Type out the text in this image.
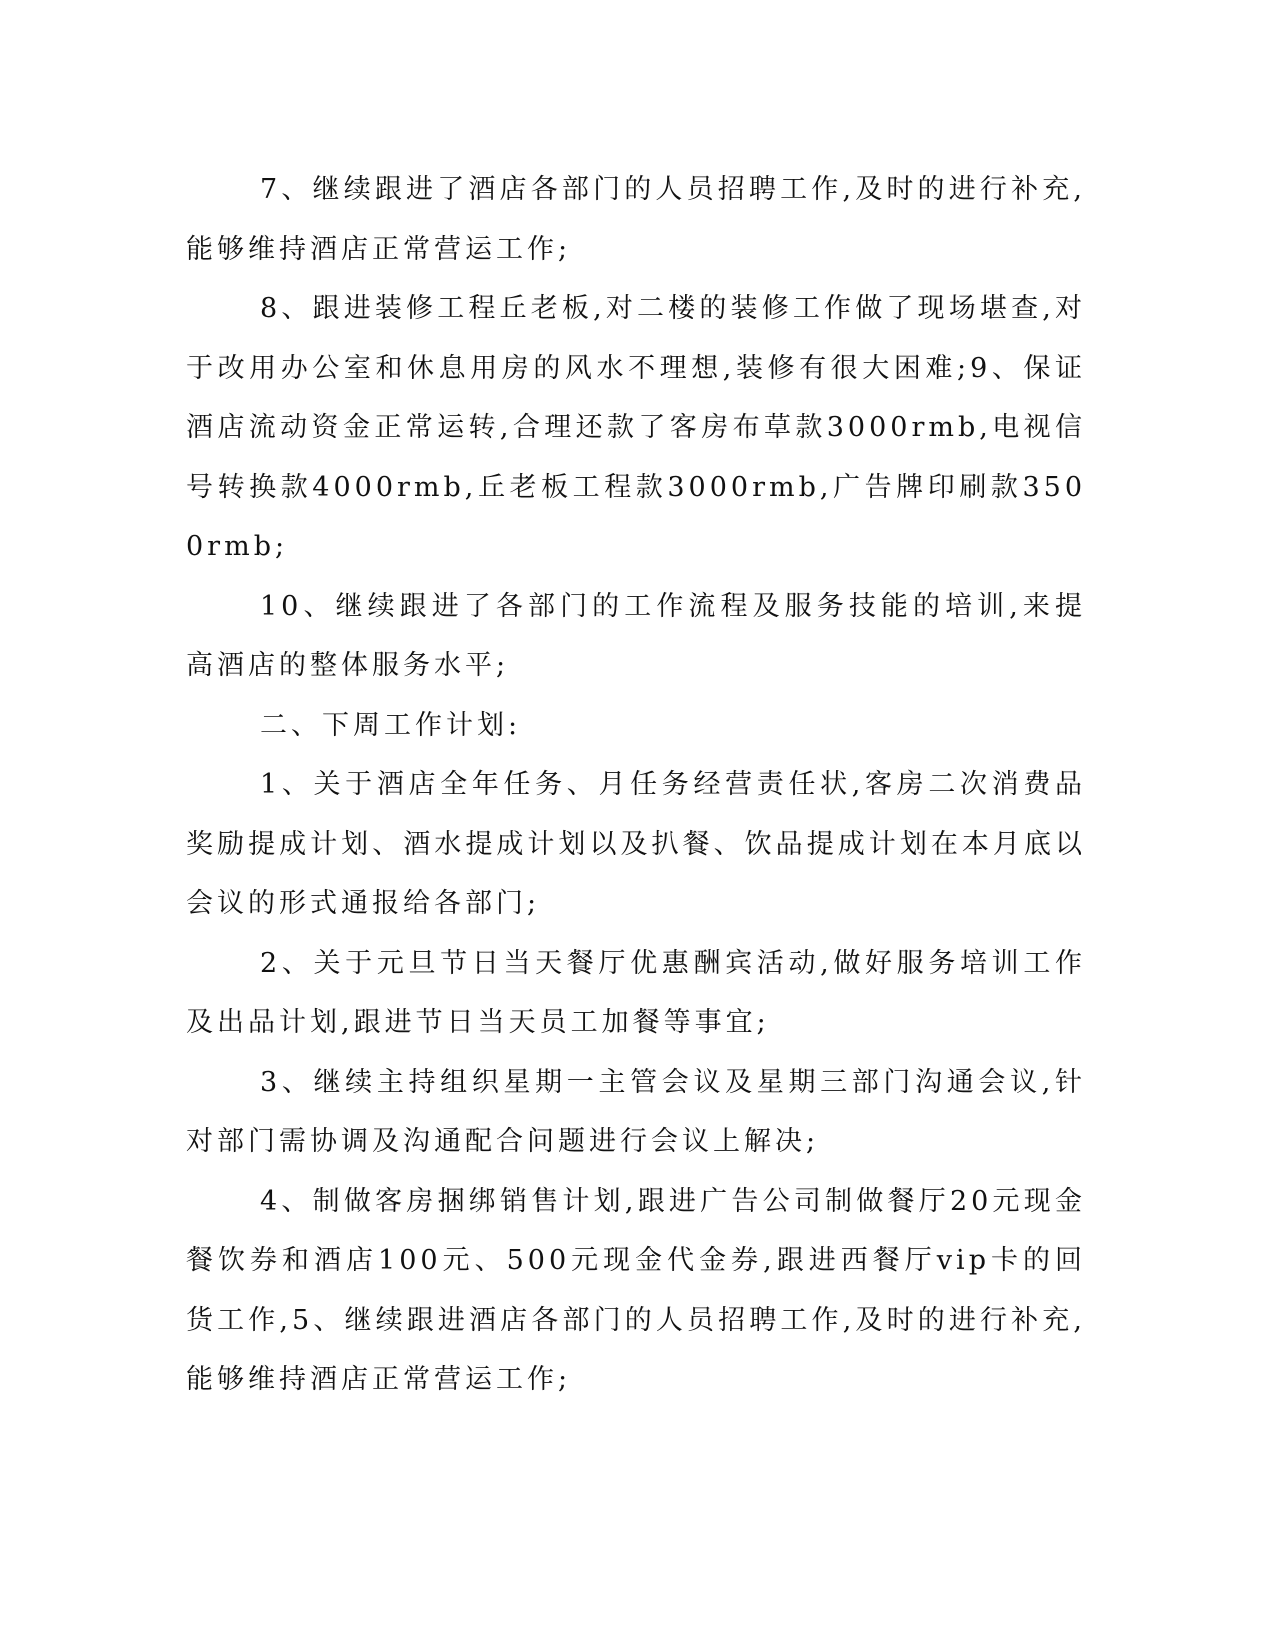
7、继续跟进了酒店各部门的人员招聘工作,及时的进行补充,能够维持酒店正常营运工作;

8、跟进装修工程丘老板,对二楼的装修工作做了现场堪查,对于改用办公室和休息用房的风水不理想,装修有很大困难;9、保证酒店流动资金正常运转,合理还款了客房布草款3000rmb,电视信号转换款4000rmb,丘老板工程款3000rmb,广告牌印刷款3500rmb;

10、继续跟进了各部门的工作流程及服务技能的培训,来提高酒店的整体服务水平;

二、下周工作计划:

1、关于酒店全年任务、月任务经营责任状,客房二次消费品奖励提成计划、酒水提成计划以及扒餐、饮品提成计划在本月底以会议的形式通报给各部门;

2、关于元旦节日当天餐厅优惠酬宾活动,做好服务培训工作及出品计划,跟进节日当天员工加餐等事宜;

3、继续主持组织星期一主管会议及星期三部门沟通会议,针对部门需协调及沟通配合问题进行会议上解决;

4、制做客房捆绑销售计划,跟进广告公司制做餐厅20元现金餐饮券和酒店100元、500元现金代金券,跟进西餐厅vip卡的回货工作,5、继续跟进酒店各部门的人员招聘工作,及时的进行补充,能够维持酒店正常营运工作;
